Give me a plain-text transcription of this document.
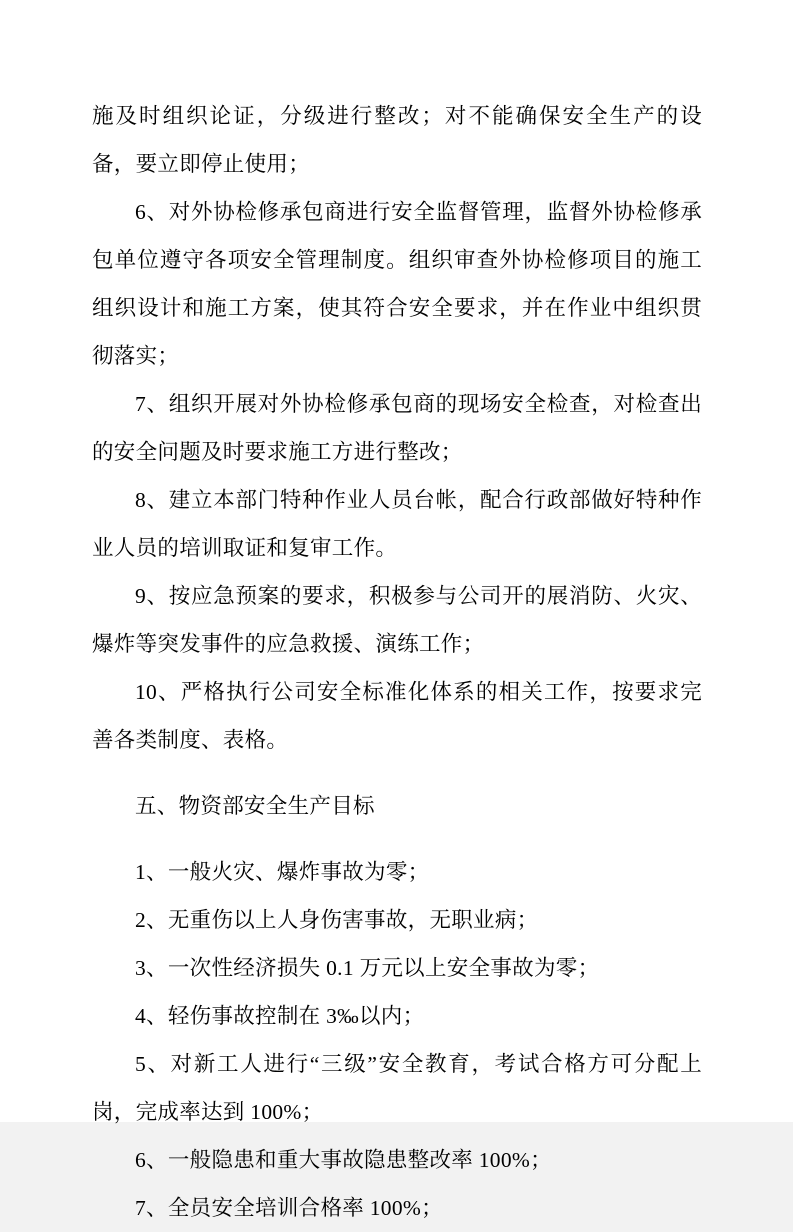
施及时组织论证，分级进行整改；对不能确保安全生产的设备，要立即停止使用；

6、对外协检修承包商进行安全监督管理，监督外协检修承包单位遵守各项安全管理制度。组织审查外协检修项目的施工组织设计和施工方案，使其符合安全要求，并在作业中组织贯彻落实；

7、组织开展对外协检修承包商的现场安全检查，对检查出的安全问题及时要求施工方进行整改；

8、建立本部门特种作业人员台帐，配合行政部做好特种作业人员的培训取证和复审工作。

9、按应急预案的要求，积极参与公司开的展消防、火灾、爆炸等突发事件的应急救援、演练工作；

10、严格执行公司安全标准化体系的相关工作，按要求完善各类制度、表格。

五、物资部安全生产目标

1、一般火灾、爆炸事故为零；

2、无重伤以上人身伤害事故，无职业病；

3、一次性经济损失 0.1 万元以上安全事故为零；

4、轻伤事故控制在 3‰以内；

5、对新工人进行“三级”安全教育，考试合格方可分配上岗，完成率达到 100%；

6、一般隐患和重大事故隐患整改率 100%；

7、全员安全培训合格率 100%；
